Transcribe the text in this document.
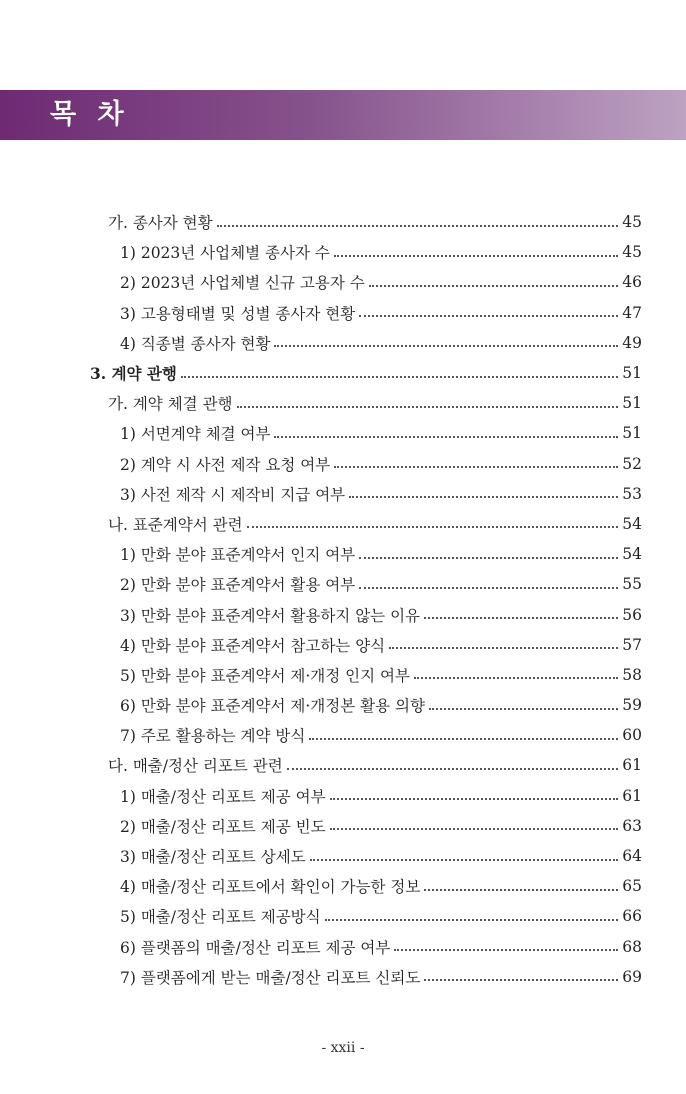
목 차
가. 종사자 현황	45
1) 2023년 사업체별 종사자 수	45
2) 2023년 사업체별 신규 고용자 수	46
3) 고용형태별 및 성별 종사자 현황	47
4) 직종별 종사자 현황	49
3. 계약 관행	51
가. 계약 체결 관행	51
1) 서면계약 체결 여부	51
2) 계약 시 사전 제작 요청 여부	52
3) 사전 제작 시 제작비 지급 여부	53
나. 표준계약서 관련	54
1) 만화 분야 표준계약서 인지 여부	54
2) 만화 분야 표준계약서 활용 여부	55
3) 만화 분야 표준계약서 활용하지 않는 이유	56
4) 만화 분야 표준계약서 참고하는 양식	57
5) 만화 분야 표준계약서 제·개정 인지 여부	58
6) 만화 분야 표준계약서 제·개정본 활용 의향	59
7) 주로 활용하는 계약 방식	60
다. 매출/정산 리포트 관련	61
1) 매출/정산 리포트 제공 여부	61
2) 매출/정산 리포트 제공 빈도	63
3) 매출/정산 리포트 상세도	64
4) 매출/정산 리포트에서 확인이 가능한 정보	65
5) 매출/정산 리포트 제공방식	66
6) 플랫폼의 매출/정산 리포트 제공 여부	68
7) 플랫폼에게 받는 매출/정산 리포트 신뢰도	69
- xxii -
